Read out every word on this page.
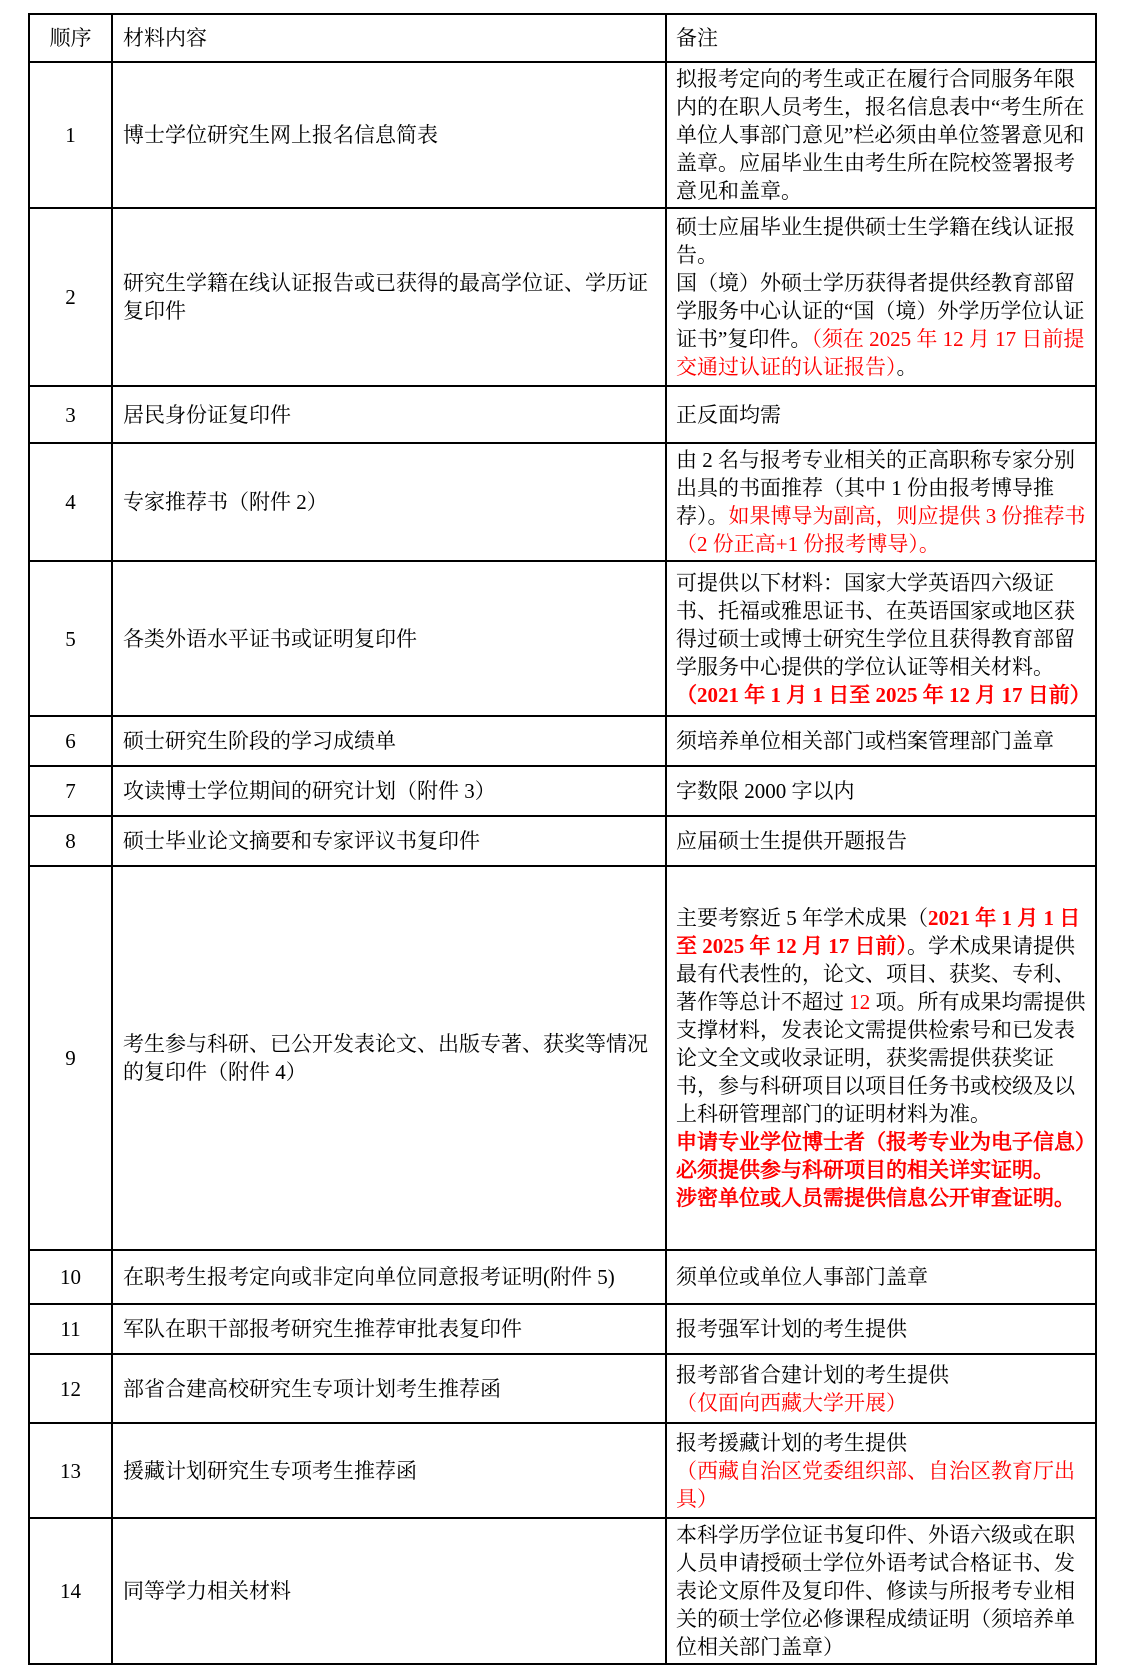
顺序	材料内容	备注
1	博士学位研究生网上报名信息简表	拟报考定向的考生或正在履行合同服务年限内的在职人员考生，报名信息表中“考生所在单位人事部门意见”栏必须由单位签署意见和盖章。应届毕业生由考生所在院校签署报考意见和盖章。

2	研究生学籍在线认证报告或已获得的最高学位证、学历证复印件	硕士应届毕业生提供硕士生学籍在线认证报告。
国（境）外硕士学历获得者提供经教育部留学服务中心认证的“国（境）外学历学位认证证书”复印件。（须在 2025 年 12 月 17 日前提交通过认证的认证报告）。

3	居民身份证复印件	正反面均需

4	专家推荐书（附件 2）	由 2 名与报考专业相关的正高职称专家分别出具的书面推荐（其中 1 份由报考博导推荐）。如果博导为副高，则应提供 3 份推荐书（2 份正高+1 份报考博导）。

5	各类外语水平证书或证明复印件	可提供以下材料：国家大学英语四六级证书、托福或雅思证书、在英语国家或地区获得过硕士或博士研究生学位且获得教育部留学服务中心提供的学位认证等相关材料。（2021 年 1 月 1 日至 2025 年 12 月 17 日前）

6	硕士研究生阶段的学习成绩单	须培养单位相关部门或档案管理部门盖章

7	攻读博士学位期间的研究计划（附件 3）	字数限 2000 字以内

8	硕士毕业论文摘要和专家评议书复印件	应届硕士生提供开题报告

9	考生参与科研、已公开发表论文、出版专著、获奖等情况的复印件（附件 4）	主要考察近 5 年学术成果（2021 年 1 月 1 日至 2025 年 12 月 17 日前）。学术成果请提供最有代表性的，论文、项目、获奖、专利、著作等总计不超过 12 项。所有成果均需提供支撑材料，发表论文需提供检索号和已发表论文全文或收录证明，获奖需提供获奖证书，参与科研项目以项目任务书或校级及以上科研管理部门的证明材料为准。
申请专业学位博士者（报考专业为电子信息）必须提供参与科研项目的相关详实证明。
涉密单位或人员需提供信息公开审查证明。

10	在职考生报考定向或非定向单位同意报考证明(附件 5)	须单位或单位人事部门盖章

11	军队在职干部报考研究生推荐审批表复印件	报考强军计划的考生提供

12	部省合建高校研究生专项计划考生推荐函	报考部省合建计划的考生提供
（仅面向西藏大学开展）

13	援藏计划研究生专项考生推荐函	报考援藏计划的考生提供
（西藏自治区党委组织部、自治区教育厅出具）

14	同等学力相关材料	本科学历学位证书复印件、外语六级或在职人员申请授硕士学位外语考试合格证书、发表论文原件及复印件、修读与所报考专业相关的硕士学位必修课程成绩证明（须培养单位相关部门盖章）
